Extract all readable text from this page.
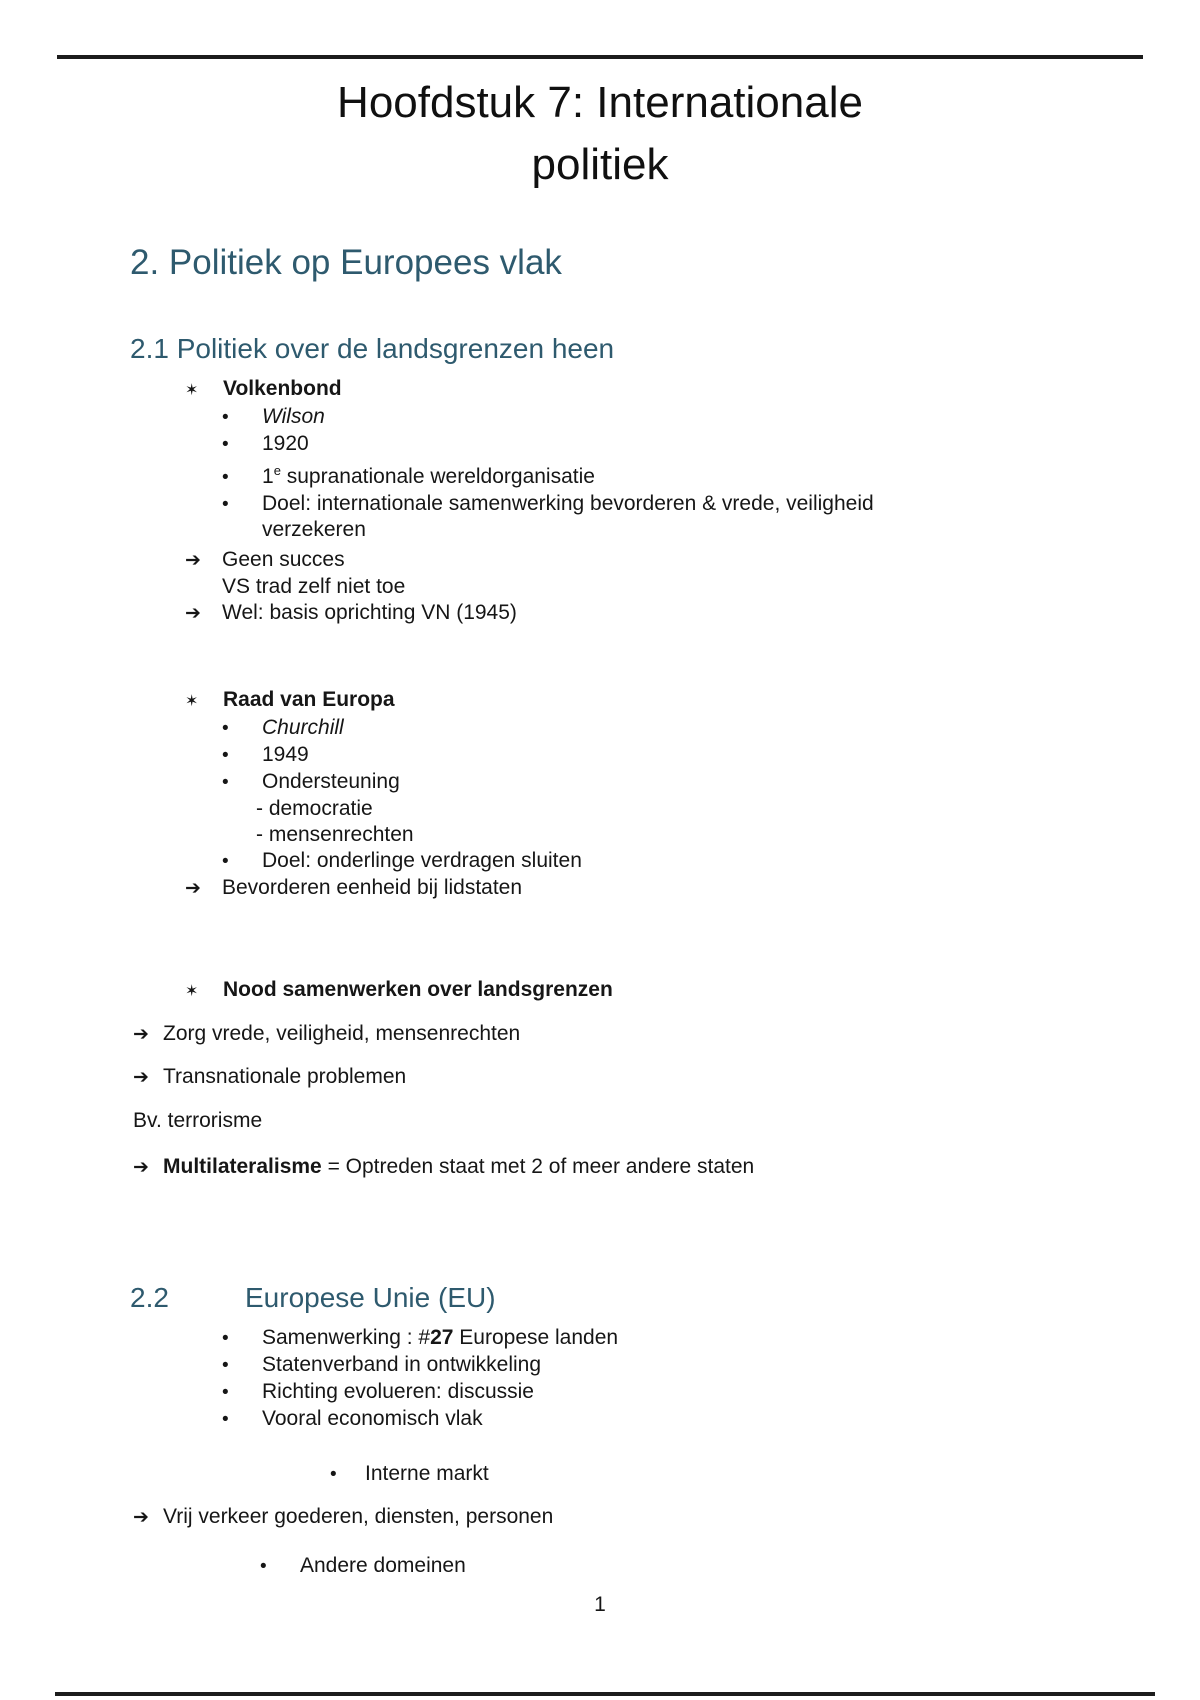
Hoofdstuk 7: Internationale
politiek
2. Politiek op Europees vlak
2.1 Politiek over de landsgrenzen heen
✶	Volkenbond
•	Wilson
•	1920
•	1e supranationale wereldorganisatie
•	Doel: internationale samenwerking bevorderen & vrede, veiligheid
verzekeren
➔	Geen succes
VS trad zelf niet toe
➔	Wel: basis oprichting VN (1945)
✶	Raad van Europa
•	Churchill
•	1949
•	Ondersteuning
- democratie
- mensenrechten
•	Doel: onderlinge verdragen sluiten
➔	Bevorderen eenheid bij lidstaten
✶	Nood samenwerken over landsgrenzen
➔ Zorg vrede, veiligheid, mensenrechten
➔ Transnationale problemen
Bv. terrorisme
➔ Multilateralisme = Optreden staat met 2 of meer andere staten
2.2	Europese Unie (EU)
•	Samenwerking : #27 Europese landen
•	Statenverband in ontwikkeling
•	Richting evolueren: discussie
•	Vooral economisch vlak
•	Interne markt
➔ Vrij verkeer goederen, diensten, personen
•	Andere domeinen
1
